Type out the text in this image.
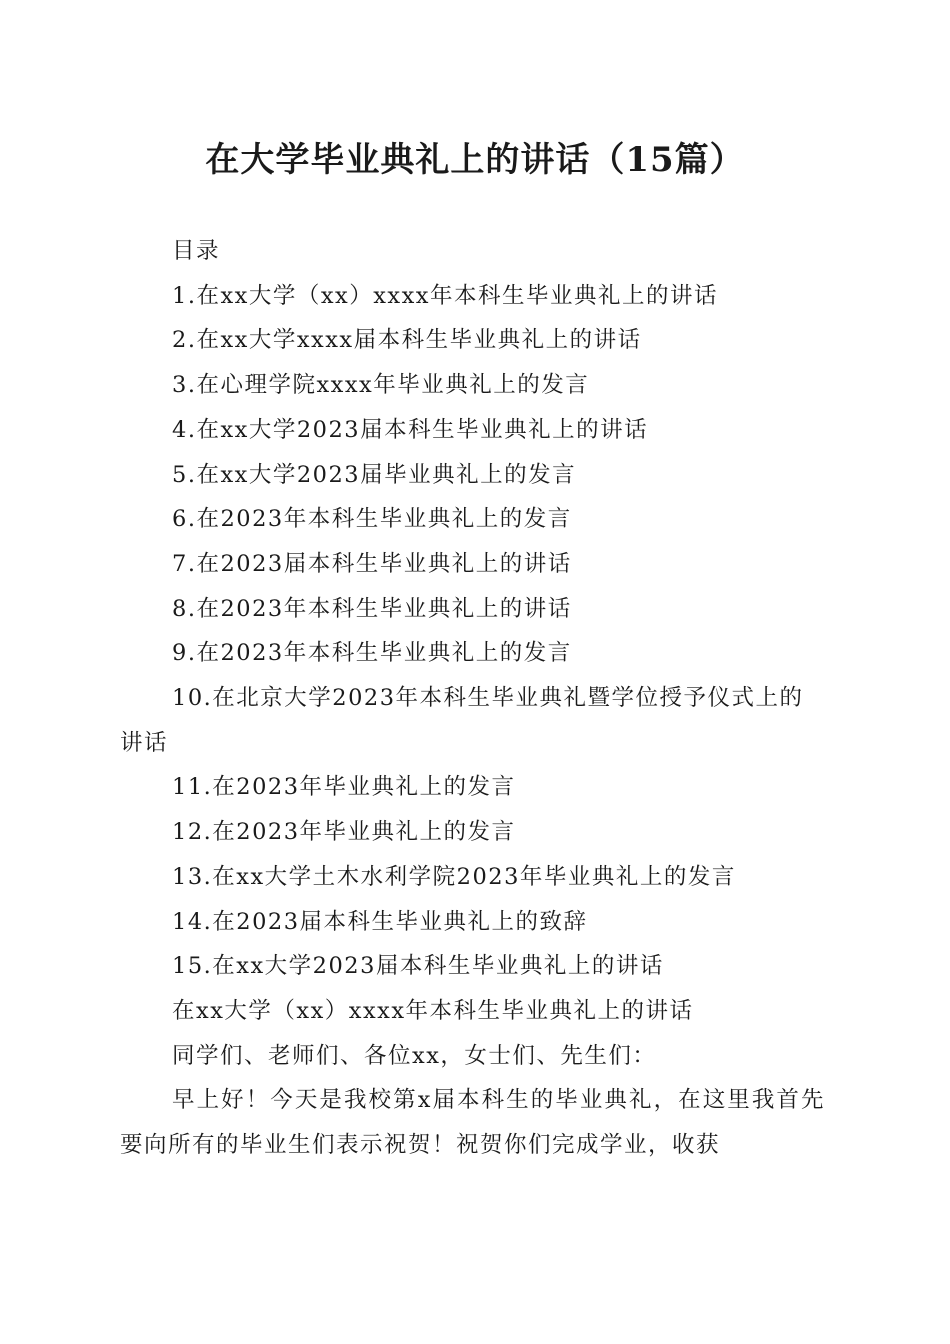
在大学毕业典礼上的讲话（15篇）

目录

1.在xx大学（xx）xxxx年本科生毕业典礼上的讲话

2.在xx大学xxxx届本科生毕业典礼上的讲话

3.在心理学院xxxx年毕业典礼上的发言

4.在xx大学2023届本科生毕业典礼上的讲话

5.在xx大学2023届毕业典礼上的发言

6.在2023年本科生毕业典礼上的发言

7.在2023届本科生毕业典礼上的讲话

8.在2023年本科生毕业典礼上的讲话

9.在2023年本科生毕业典礼上的发言

10.在北京大学2023年本科生毕业典礼暨学位授予仪式上的讲话

11.在2023年毕业典礼上的发言

12.在2023年毕业典礼上的发言

13.在xx大学土木水利学院2023年毕业典礼上的发言

14.在2023届本科生毕业典礼上的致辞

15.在xx大学2023届本科生毕业典礼上的讲话

在xx大学（xx）xxxx年本科生毕业典礼上的讲话

同学们、老师们、各位xx，女士们、先生们：

早上好！今天是我校第x届本科生的毕业典礼，在这里我首先要向所有的毕业生们表示祝贺！祝贺你们完成学业，收获
